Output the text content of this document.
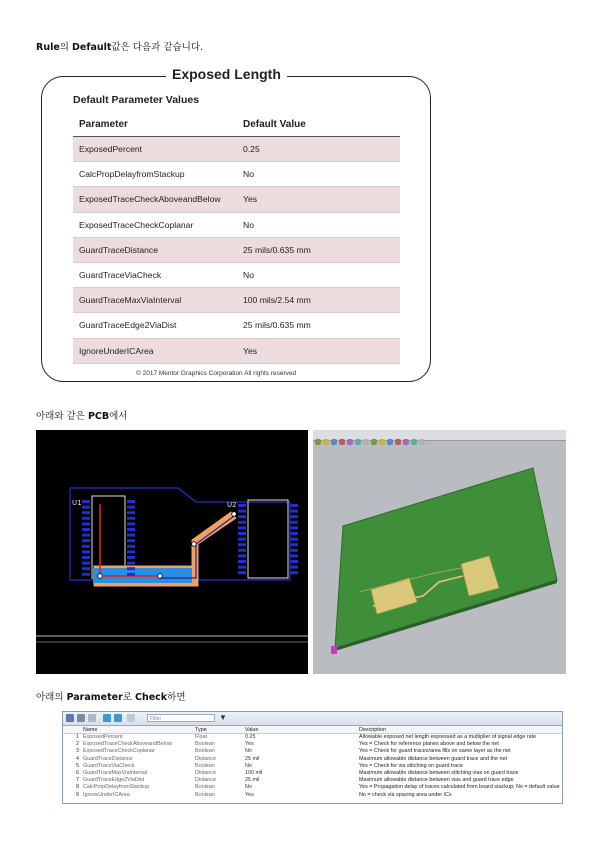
Rule의 Default값은 다음과 같습니다.
Exposed Length
Default Parameter Values
Parameter	Default Value
ExposedPercent	0.25
CalcPropDelayfromStackup	No
ExposedTraceCheckAboveandBelow	Yes
ExposedTraceCheckCoplanar	No
GuardTraceDistance	25 mils/0.635 mm
GuardTraceViaCheck	No
GuardTraceMaxViaInterval	100 mils/2.54 mm
GuardTraceEdge2ViaDist	25 mils/0.635 mm
IgnoreUnderICArea	Yes
© 2017 Mentor Graphics Corporation All rights reserved
아래와 같은 PCB에서
U1	U2
아래의 Parameter로 Check하면
Filter	▼
	Name	Type	Value	Description
1	ExposedPercent	Float	0.25	Allowable exposed net length expressed as a multiplier of signal edge rate
2	ExposedTraceCheckAboveandBelow	Boolean	Yes	Yes = Check for reference planes above and below the net
3	ExposedTraceCheckCoplanar	Boolean	No	Yes = Check for guard traces/area fills on same layer as the net
4	GuardTraceDistance	Distance	25 mil	Maximum allowable distance between guard trace and the net
5	GuardTraceViaCheck	Boolean	No	Yes = Check for via stitching on guard trace
6	GuardTraceMaxViaInterval	Distance	100 mil	Maximum allowable distance between stitching vias on guard trace
7	GuardTraceEdge2ViaDist	Distance	25 mil	Maximum allowable distance between vias and guard trace edge
8	CalcPropDelayfromStackup	Boolean	No	Yes = Propagation delay of traces calculated from board stackup; No = default value
9	IgnoreUnderICArea	Boolean	Yes	No = check via spacing area under ICs
